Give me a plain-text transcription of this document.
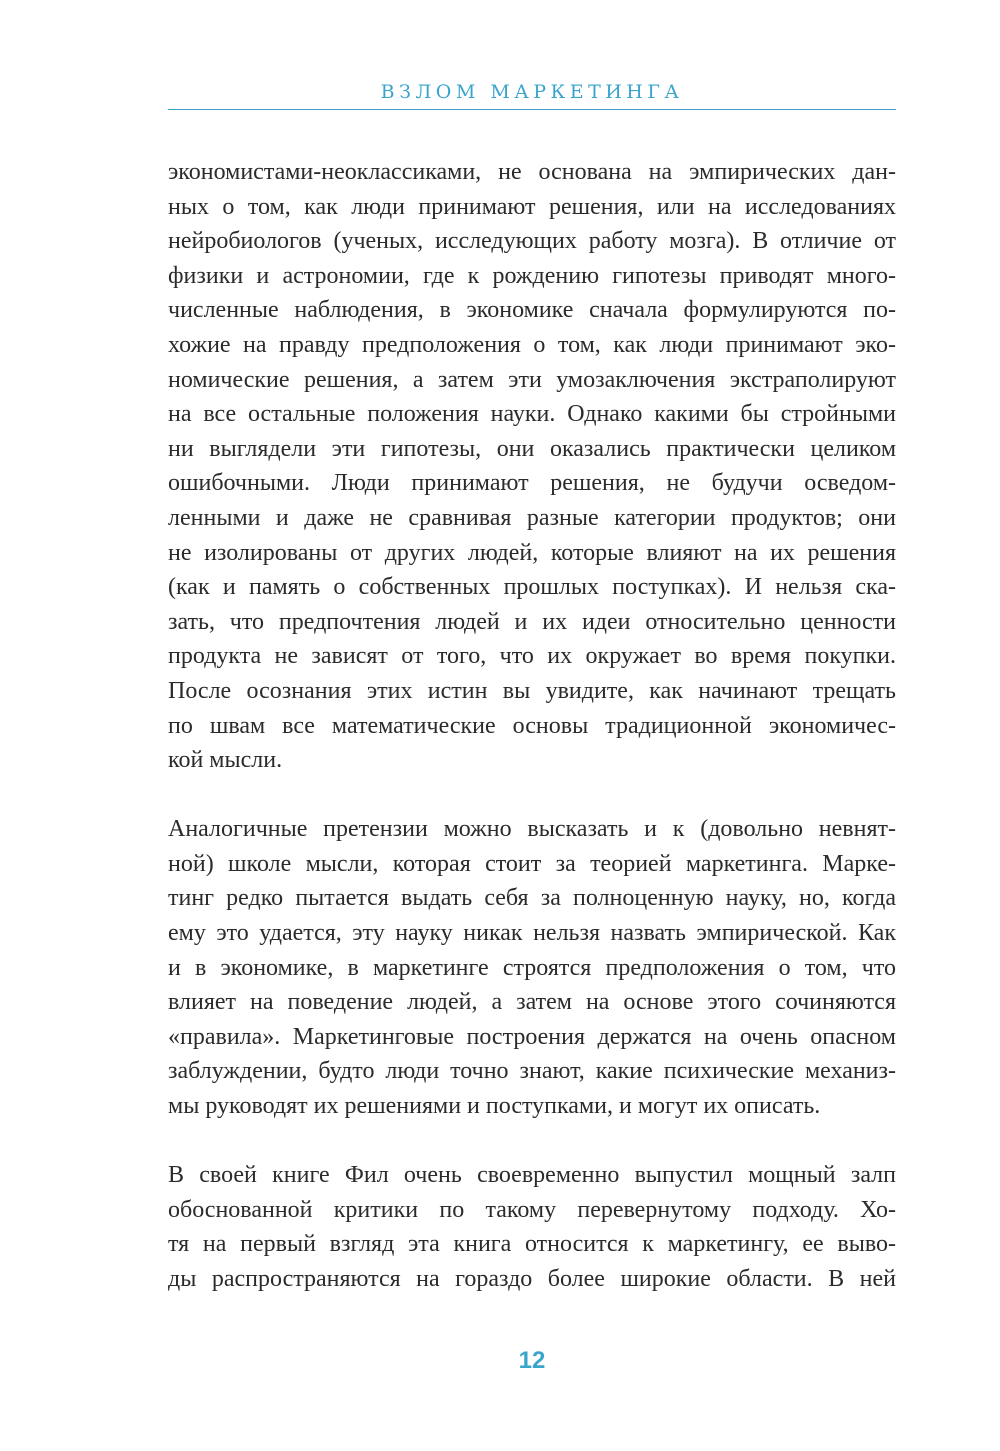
ВЗЛОМ МАРКЕТИНГА
экономистами-неоклассиками, не основана на эмпирических дан-
ных о том, как люди принимают решения, или на исследованиях
нейробиологов (ученых, исследующих работу мозга). В отличие от
физики и астрономии, где к рождению гипотезы приводят много-
численные наблюдения, в экономике сначала формулируются по-
хожие на правду предположения о том, как люди принимают эко-
номические решения, а затем эти умозаключения экстраполируют
на все остальные положения науки. Однако какими бы стройными
ни выглядели эти гипотезы, они оказались практически целиком
ошибочными. Люди принимают решения, не будучи осведом-
ленными и даже не сравнивая разные категории продуктов; они
не изолированы от других людей, которые влияют на их решения
(как и память о собственных прошлых поступках). И нельзя ска-
зать, что предпочтения людей и их идеи относительно ценности
продукта не зависят от того, что их окружает во время покупки.
После осознания этих истин вы увидите, как начинают трещать
по швам все математические основы традиционной экономичес-
кой мысли.
Аналогичные претензии можно высказать и к (довольно невнят-
ной) школе мысли, которая стоит за теорией маркетинга. Марке-
тинг редко пытается выдать себя за полноценную науку, но, когда
ему это удается, эту науку никак нельзя назвать эмпирической. Как
и в экономике, в маркетинге строятся предположения о том, что
влияет на поведение людей, а затем на основе этого сочиняются
«правила». Маркетинговые построения держатся на очень опасном
заблуждении, будто люди точно знают, какие психические механиз-
мы руководят их решениями и поступками, и могут их описать.
В своей книге Фил очень своевременно выпустил мощный залп
обоснованной критики по такому перевернутому подходу. Хо-
тя на первый взгляд эта книга относится к маркетингу, ее выво-
ды распространяются на гораздо более широкие области. В ней
12
